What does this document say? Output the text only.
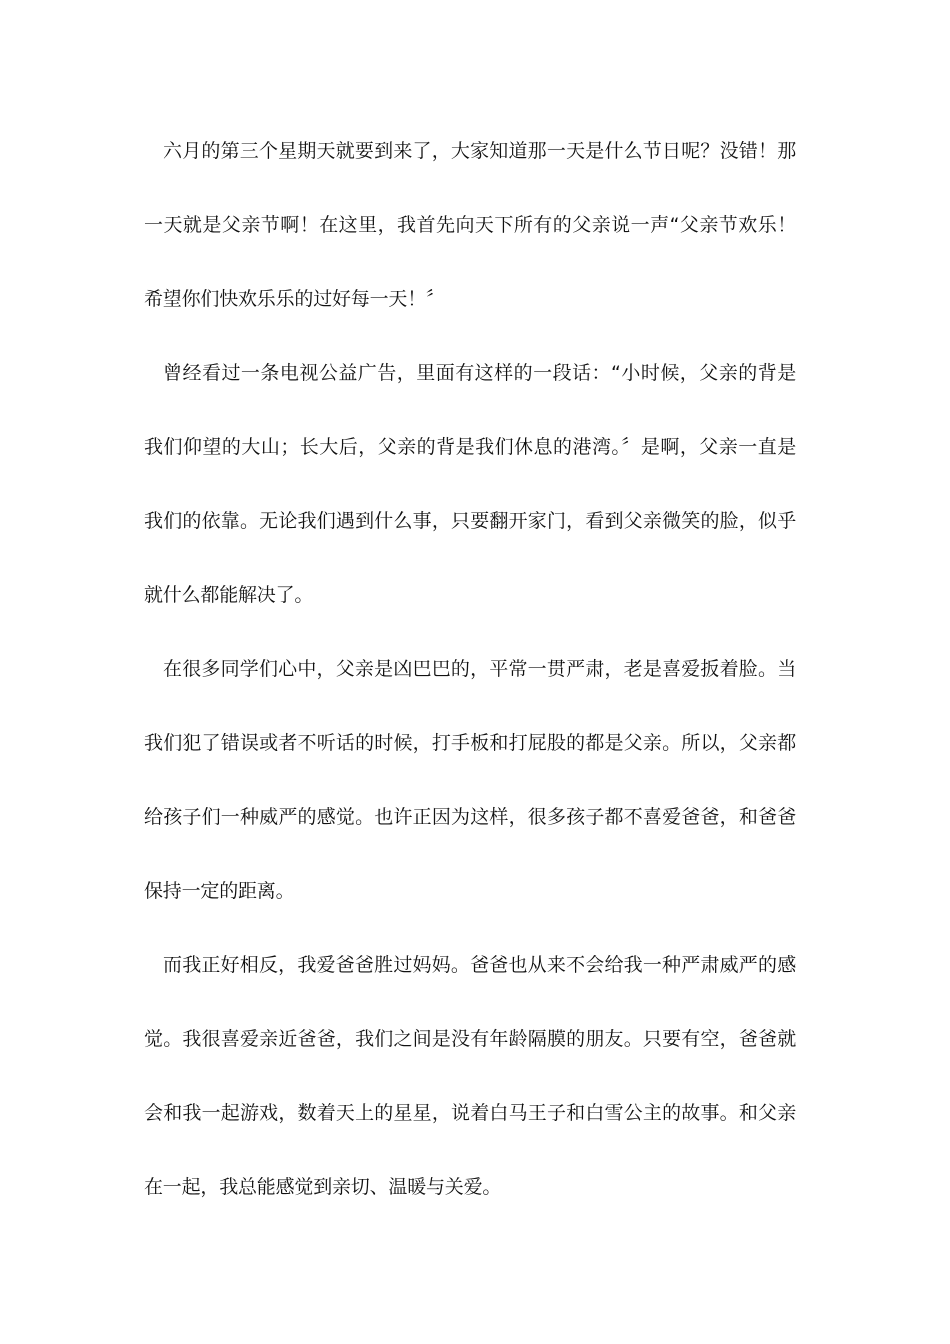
六月的第三个星期天就要到来了，大家知道那一天是什么节日呢？没错！那
一天就是父亲节啊！在这里，我首先向天下所有的父亲说一声“父亲节欢乐！
希望你们快欢乐乐的过好每一天！〞
曾经看过一条电视公益广告，里面有这样的一段话：“小时候，父亲的背是
我们仰望的大山；长大后，父亲的背是我们休息的港湾。〞是啊，父亲一直是
我们的依靠。无论我们遇到什么事，只要翻开家门，看到父亲微笑的脸，似乎
就什么都能解决了。
在很多同学们心中，父亲是凶巴巴的，平常一贯严肃，老是喜爱扳着脸。当
我们犯了错误或者不听话的时候，打手板和打屁股的都是父亲。所以，父亲都
给孩子们一种威严的感觉。也许正因为这样，很多孩子都不喜爱爸爸，和爸爸
保持一定的距离。
而我正好相反，我爱爸爸胜过妈妈。爸爸也从来不会给我一种严肃威严的感
觉。我很喜爱亲近爸爸，我们之间是没有年龄隔膜的朋友。只要有空，爸爸就
会和我一起游戏，数着天上的星星，说着白马王子和白雪公主的故事。和父亲
在一起，我总能感觉到亲切、温暖与关爱。
